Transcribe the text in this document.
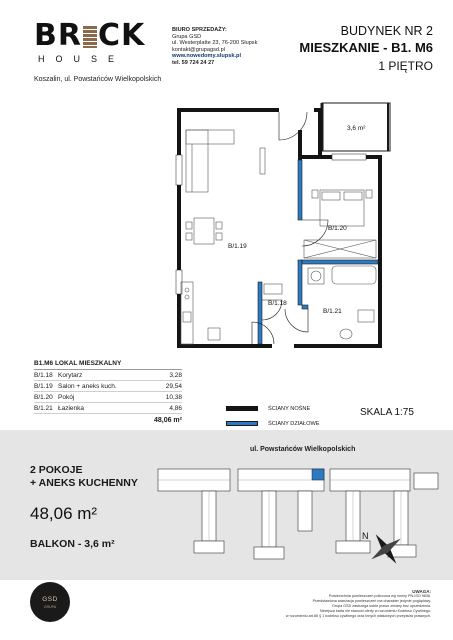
BR CK
HOUSE
Koszalin, ul. Powstańców Wielkopolskich
BIURO SPRZEDAŻY:
Grupa GSD
ul. Westerplatte 23, 76-200 Słupsk
kontakt@grupagsd.pl
www.nowedomy.slupsk.pl
tel. 59 724 24 27
BUDYNEK NR 2
MIESZKANIE - B1. M6
1 PIĘTRO
3,6 m²
B/1.19
B/1.20
B/1.18
B/1.21
B1.M6 LOKAL MIESZKALNY
B/1.18 Korytarz	3,28
B/1.19 Salon + aneks kuch.	29,54
B/1.20 Pokój	10,38
B/1.21 Łazienka	4,86
48,06 m²
ŚCIANY NOŚNE
ŚCIANY DZIAŁOWE
SKALA 1:75
2 POKOJE
+ ANEKS KUCHENNY
48,06 m²
BALKON - 3,6 m²
ul. Powstańców Wielkopolskich
N
GSD
GRUPA
UWAGA:
Powierzchnia pomieszczeń policzona wg normy PN-ISO 9836.
Przedstawiona aranżacja pomieszczeń ma charakter jedynie poglądowy.
Grupa GSD zastrzega sobie prawo zmiany bez uprzedzenia.
Niniejsza karta nie stanowi oferty w rozumieniu Kodeksu Cywilnego.
w rozumieniu art.66 § 1 kodeksu cywilnego oraz innych właściwych przepisów prawnych.
